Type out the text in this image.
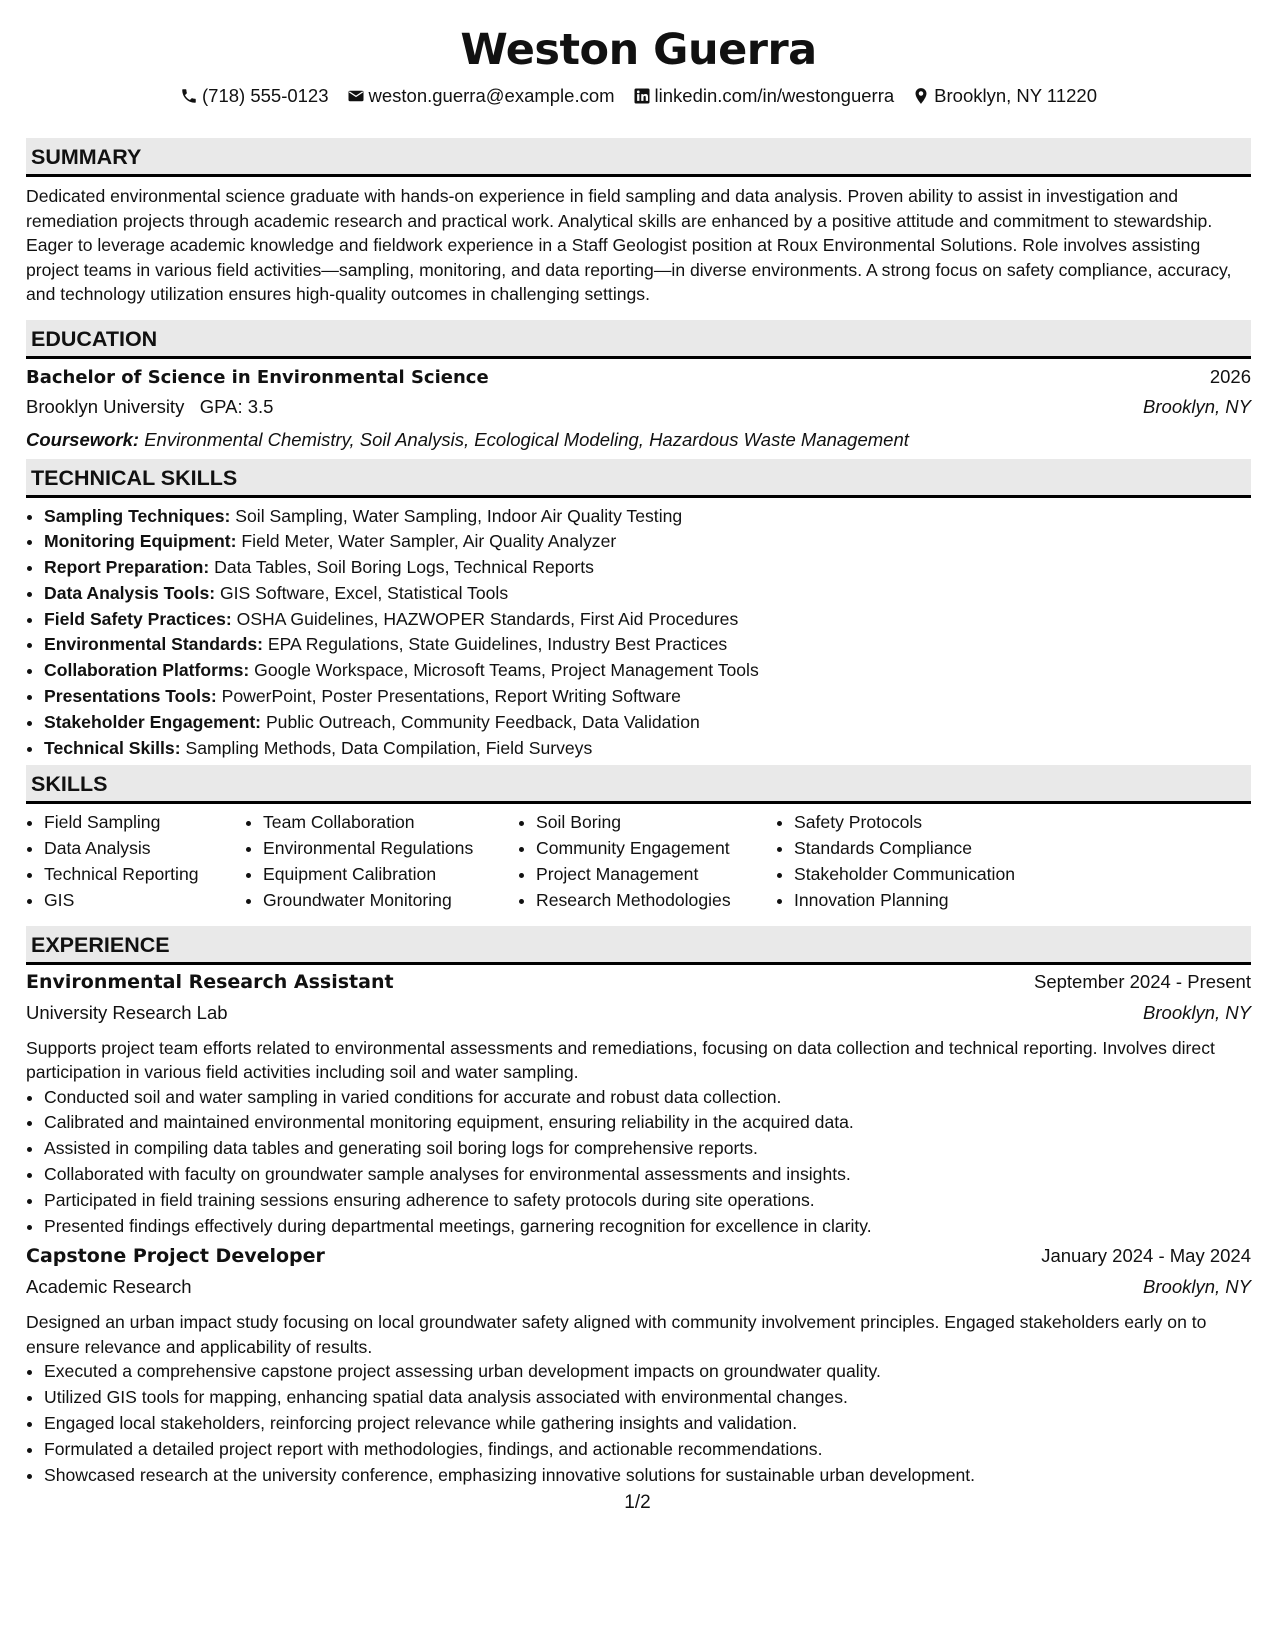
Weston Guerra
(718) 555-0123 weston.guerra@example.com linkedin.com/in/westonguerra Brooklyn, NY 11220
SUMMARY
Dedicated environmental science graduate with hands-on experience in field sampling and data analysis. Proven ability to assist in investigation and remediation projects through academic research and practical work. Analytical skills are enhanced by a positive attitude and commitment to stewardship. Eager to leverage academic knowledge and fieldwork experience in a Staff Geologist position at Roux Environmental Solutions. Role involves assisting project teams in various field activities—sampling, monitoring, and data reporting—in diverse environments. A strong focus on safety compliance, accuracy, and technology utilization ensures high-quality outcomes in challenging settings.
EDUCATION
Bachelor of Science in Environmental Science	2026
Brooklyn University GPA: 3.5	Brooklyn, NY
Coursework: Environmental Chemistry, Soil Analysis, Ecological Modeling, Hazardous Waste Management
TECHNICAL SKILLS
• Sampling Techniques: Soil Sampling, Water Sampling, Indoor Air Quality Testing
• Monitoring Equipment: Field Meter, Water Sampler, Air Quality Analyzer
• Report Preparation: Data Tables, Soil Boring Logs, Technical Reports
• Data Analysis Tools: GIS Software, Excel, Statistical Tools
• Field Safety Practices: OSHA Guidelines, HAZWOPER Standards, First Aid Procedures
• Environmental Standards: EPA Regulations, State Guidelines, Industry Best Practices
• Collaboration Platforms: Google Workspace, Microsoft Teams, Project Management Tools
• Presentations Tools: PowerPoint, Poster Presentations, Report Writing Software
• Stakeholder Engagement: Public Outreach, Community Feedback, Data Validation
• Technical Skills: Sampling Methods, Data Compilation, Field Surveys
SKILLS
• Field Sampling
• Data Analysis
• Technical Reporting
• GIS
• Team Collaboration
• Environmental Regulations
• Equipment Calibration
• Groundwater Monitoring
• Soil Boring
• Community Engagement
• Project Management
• Research Methodologies
• Safety Protocols
• Standards Compliance
• Stakeholder Communication
• Innovation Planning
EXPERIENCE
Environmental Research Assistant	September 2024 - Present
University Research Lab	Brooklyn, NY
Supports project team efforts related to environmental assessments and remediations, focusing on data collection and technical reporting. Involves direct participation in various field activities including soil and water sampling.
• Conducted soil and water sampling in varied conditions for accurate and robust data collection.
• Calibrated and maintained environmental monitoring equipment, ensuring reliability in the acquired data.
• Assisted in compiling data tables and generating soil boring logs for comprehensive reports.
• Collaborated with faculty on groundwater sample analyses for environmental assessments and insights.
• Participated in field training sessions ensuring adherence to safety protocols during site operations.
• Presented findings effectively during departmental meetings, garnering recognition for excellence in clarity.
Capstone Project Developer	January 2024 - May 2024
Academic Research	Brooklyn, NY
Designed an urban impact study focusing on local groundwater safety aligned with community involvement principles. Engaged stakeholders early on to ensure relevance and applicability of results.
• Executed a comprehensive capstone project assessing urban development impacts on groundwater quality.
• Utilized GIS tools for mapping, enhancing spatial data analysis associated with environmental changes.
• Engaged local stakeholders, reinforcing project relevance while gathering insights and validation.
• Formulated a detailed project report with methodologies, findings, and actionable recommendations.
• Showcased research at the university conference, emphasizing innovative solutions for sustainable urban development.
1/2
